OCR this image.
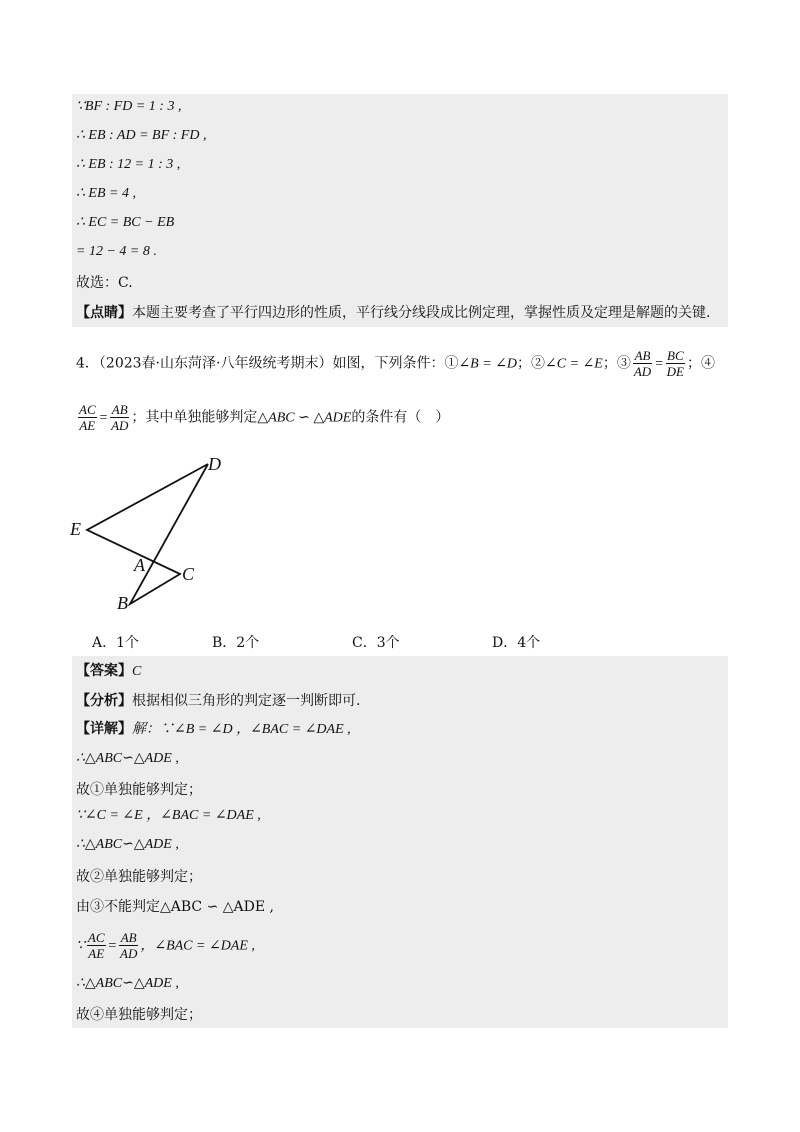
∵BF : FD = 1 : 3 ,
∴ EB : AD = BF : FD ,
∴ EB : 12 = 1 : 3 ,
∴ EB = 4 ,
∴ EC = BC − EB
= 12 − 4 = 8 .
故选：C.
【点睛】本题主要考查了平行四边形的性质，平行线分线段成比例定理，掌握性质及定理是解题的关键.
4．（2023春·山东菏泽·八年级统考期末）如图，下列条件：①∠B = ∠D；②∠C = ∠E；③ $\frac{AB}{AD} = \frac{BC}{DE}$ ；④
$\frac{AC}{AE} = \frac{AB}{AD}$ ；其中单独能够判定△ABC ∽ △ADE的条件有（　）
D
E
A C
B
A．1个	B．2个	C．3个	D．4个
【答案】C
【分析】根据相似三角形的判定逐一判断即可.
【详解】解：∵∠B = ∠D ，∠BAC = ∠DAE ,
∴△ABC∽△ADE ,
故①单独能够判定；
∵∠C = ∠E ，∠BAC = ∠DAE ,
∴△ABC∽△ADE ,
故②单独能够判定；
由③不能判定△ABC ∽ △ADE ,
∵ $\frac{AC}{AE} = \frac{AB}{AD}$ ，∠BAC = ∠DAE ,
∴△ABC∽△ADE ,
故④单独能够判定；
